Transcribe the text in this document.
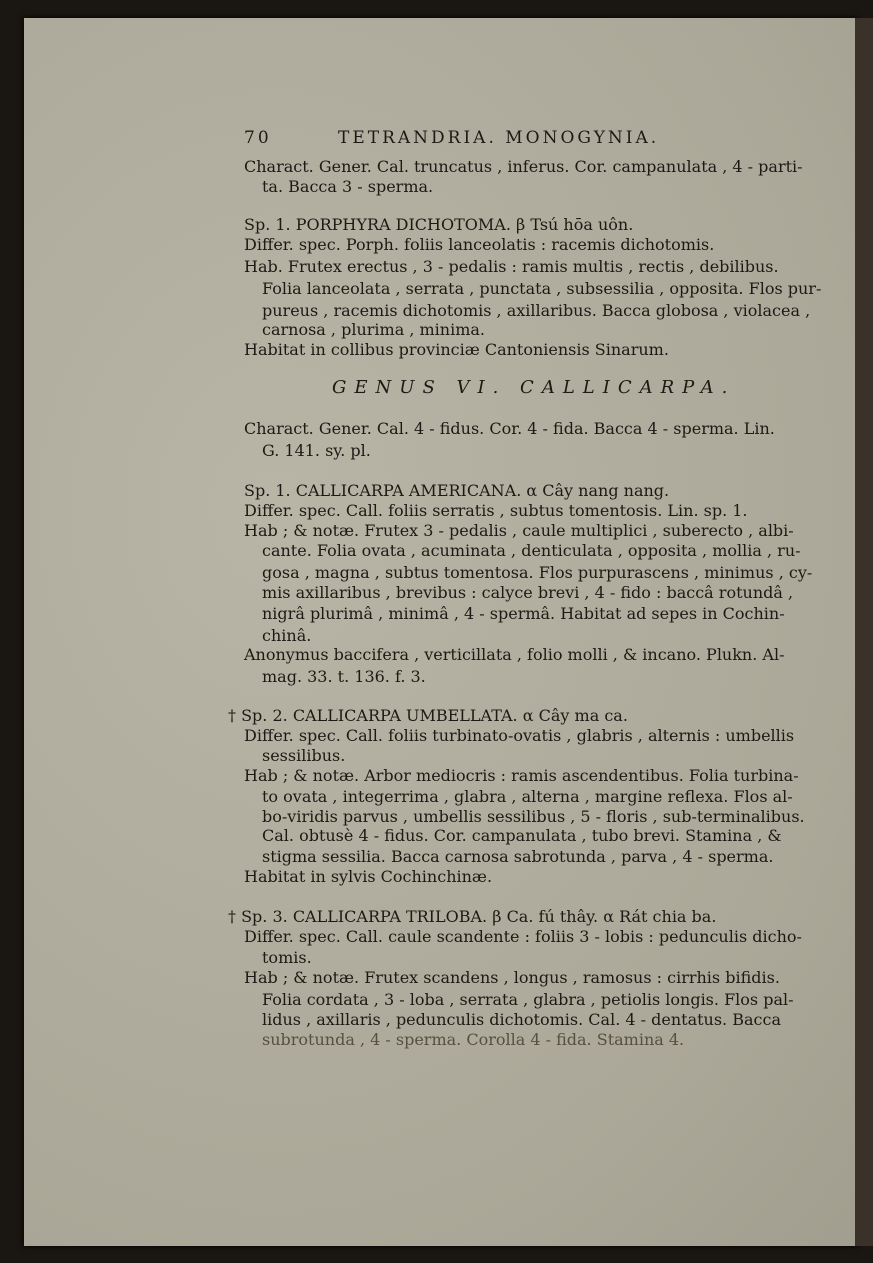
70	TETRANDRIA. MONOGYNIA.
Charact. Gener. Cal. truncatus , inferus. Cor. campanulata , 4 - parti-
ta. Bacca 3 - sperma.
Sp. 1. PORPHYRA DICHOTOMA. β Tsú hōa uôn.
Differ. spec. Porph. foliis lanceolatis : racemis dichotomis.
Hab. Frutex erectus , 3 - pedalis : ramis multis , rectis , debilibus.
Folia lanceolata , serrata , punctata , subsessilia , opposita. Flos pur-
pureus , racemis dichotomis , axillaribus. Bacca globosa , violacea ,
carnosa , plurima , minima.
Habitat in collibus provinciæ Cantoniensis Sinarum.
GENUS VI. CALLICARPA.
Charact. Gener. Cal. 4 - fidus. Cor. 4 - fida. Bacca 4 - sperma. Lin.
G. 141. sy. pl.
Sp. 1. CALLICARPA AMERICANA. α Cây nang nang.
Differ. spec. Call. foliis serratis , subtus tomentosis. Lin. sp. 1.
Hab ; & notæ. Frutex 3 - pedalis , caule multiplici , suberecto , albi-
cante. Folia ovata , acuminata , denticulata , opposita , mollia , ru-
gosa , magna , subtus tomentosa. Flos purpurascens , minimus , cy-
mis axillaribus , brevibus : calyce brevi , 4 - fido : baccâ rotundâ ,
nigrâ plurimâ , minimâ , 4 - spermâ. Habitat ad sepes in Cochin-
chinâ.
Anonymus baccifera , verticillata , folio molli , & incano. Plukn. Al-
mag. 33. t. 136. f. 3.
† Sp. 2. CALLICARPA UMBELLATA. α Cây ma ca.
Differ. spec. Call. foliis turbinato-ovatis , glabris , alternis : umbellis
sessilibus.
Hab ; & notæ. Arbor mediocris : ramis ascendentibus. Folia turbina-
to ovata , integerrima , glabra , alterna , margine reflexa. Flos al-
bo-viridis parvus , umbellis sessilibus , 5 - floris , sub-terminalibus.
Cal. obtusè 4 - fidus. Cor. campanulata , tubo brevi. Stamina , &
stigma sessilia. Bacca carnosa sabrotunda , parva , 4 - sperma.
Habitat in sylvis Cochinchinæ.
† Sp. 3. CALLICARPA TRILOBA. β Ca. fú thây. α Rát chia ba.
Differ. spec. Call. caule scandente : foliis 3 - lobis : pedunculis dicho-
tomis.
Hab ; & notæ. Frutex scandens , longus , ramosus : cirrhis bifidis.
Folia cordata , 3 - loba , serrata , glabra , petiolis longis. Flos pal-
lidus , axillaris , pedunculis dichotomis. Cal. 4 - dentatus. Bacca
subrotunda , 4 - sperma. Corolla 4 - fida. Stamina 4.
